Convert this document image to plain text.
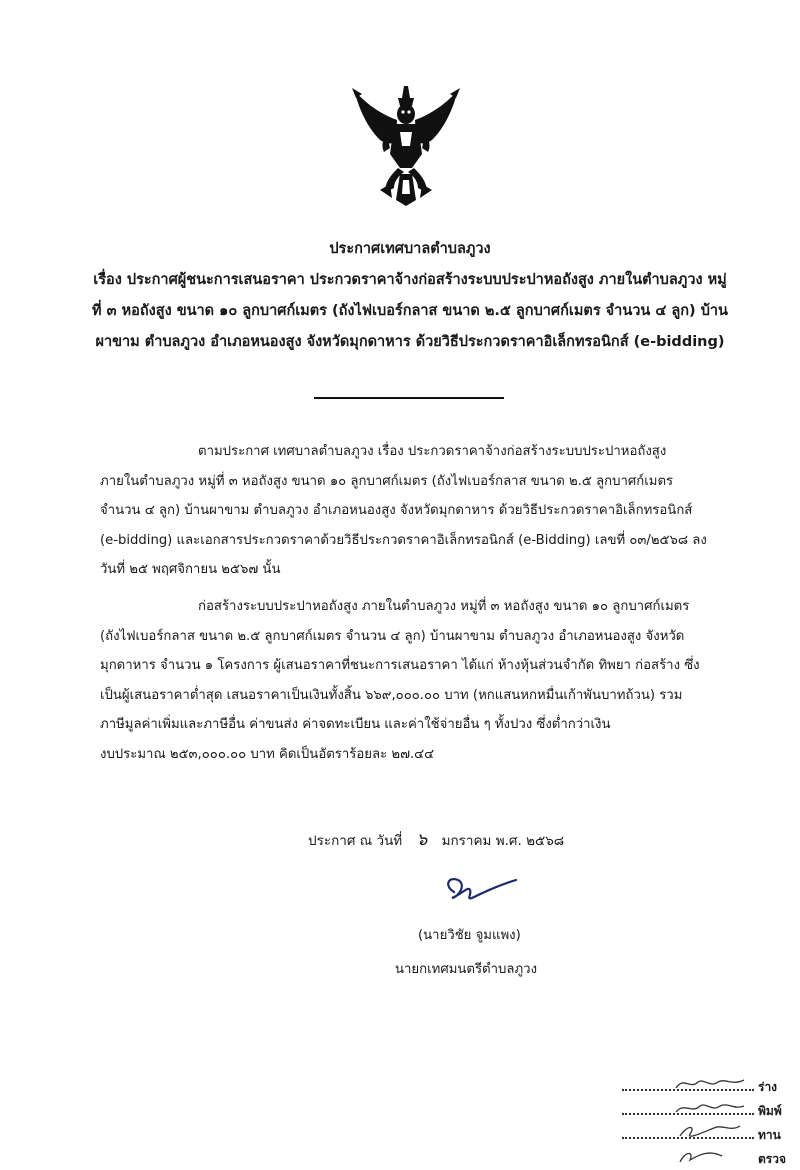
ประกาศเทศบาลตำบลภูวง
เรื่อง ประกาศผู้ชนะการเสนอราคา ประกวดราคาจ้างก่อสร้างระบบประปาหอถังสูง ภายในตำบลภูวง หมู่
ที่ ๓ หอถังสูง ขนาด ๑๐ ลูกบาศก์เมตร (ถังไฟเบอร์กลาส ขนาด ๒.๕ ลูกบาศก์เมตร จำนวน ๔ ลูก) บ้าน
ผาขาม ตำบลภูวง อำเภอหนองสูง จังหวัดมุกดาหาร ด้วยวิธีประกวดราคาอิเล็กทรอนิกส์ (e-bidding)
ตามประกาศ เทศบาลตำบลภูวง เรื่อง ประกวดราคาจ้างก่อสร้างระบบประปาหอถังสูง
ภายในตำบลภูวง หมู่ที่ ๓ หอถังสูง ขนาด ๑๐ ลูกบาศก์เมตร (ถังไฟเบอร์กลาส ขนาด ๒.๕ ลูกบาศก์เมตร
จำนวน ๔ ลูก) บ้านผาขาม ตำบลภูวง อำเภอหนองสูง จังหวัดมุกดาหาร ด้วยวิธีประกวดราคาอิเล็กทรอนิกส์
(e-bidding) และเอกสารประกวดราคาด้วยวิธีประกวดราคาอิเล็กทรอนิกส์ (e-Bidding) เลขที่ ๐๓/๒๕๖๘ ลง
วันที่ ๒๕ พฤศจิกายน ๒๕๖๗ นั้น
ก่อสร้างระบบประปาหอถังสูง ภายในตำบลภูวง หมู่ที่ ๓ หอถังสูง ขนาด ๑๐ ลูกบาศก์เมตร
(ถังไฟเบอร์กลาส ขนาด ๒.๕ ลูกบาศก์เมตร จำนวน ๔ ลูก) บ้านผาขาม ตำบลภูวง อำเภอหนองสูง จังหวัด
มุกดาหาร จำนวน ๑ โครงการ ผู้เสนอราคาที่ชนะการเสนอราคา ได้แก่ ห้างหุ้นส่วนจำกัด ทิพยา ก่อสร้าง ซึ่ง
เป็นผู้เสนอราคาต่ำสุด เสนอราคาเป็นเงินทั้งสิ้น ๖๖๙,๐๐๐.๐๐ บาท (หกแสนหกหมื่นเก้าพันบาทถ้วน) รวม
ภาษีมูลค่าเพิ่มและภาษีอื่น ค่าขนส่ง ค่าจดทะเบียน และค่าใช้จ่ายอื่น ๆ ทั้งปวง ซึ่งต่ำกว่าเงิน
งบประมาณ ๒๕๓,๐๐๐.๐๐ บาท คิดเป็นอัตราร้อยละ ๒๗.๔๔
ประกาศ ณ วันที่ ๖ มกราคม พ.ศ. ๒๕๖๘
(นายวิชัย จูมแพง)
นายกเทศมนตรีตำบลภูวง
ร่าง
พิมพ์
ทาน
ตรวจ
